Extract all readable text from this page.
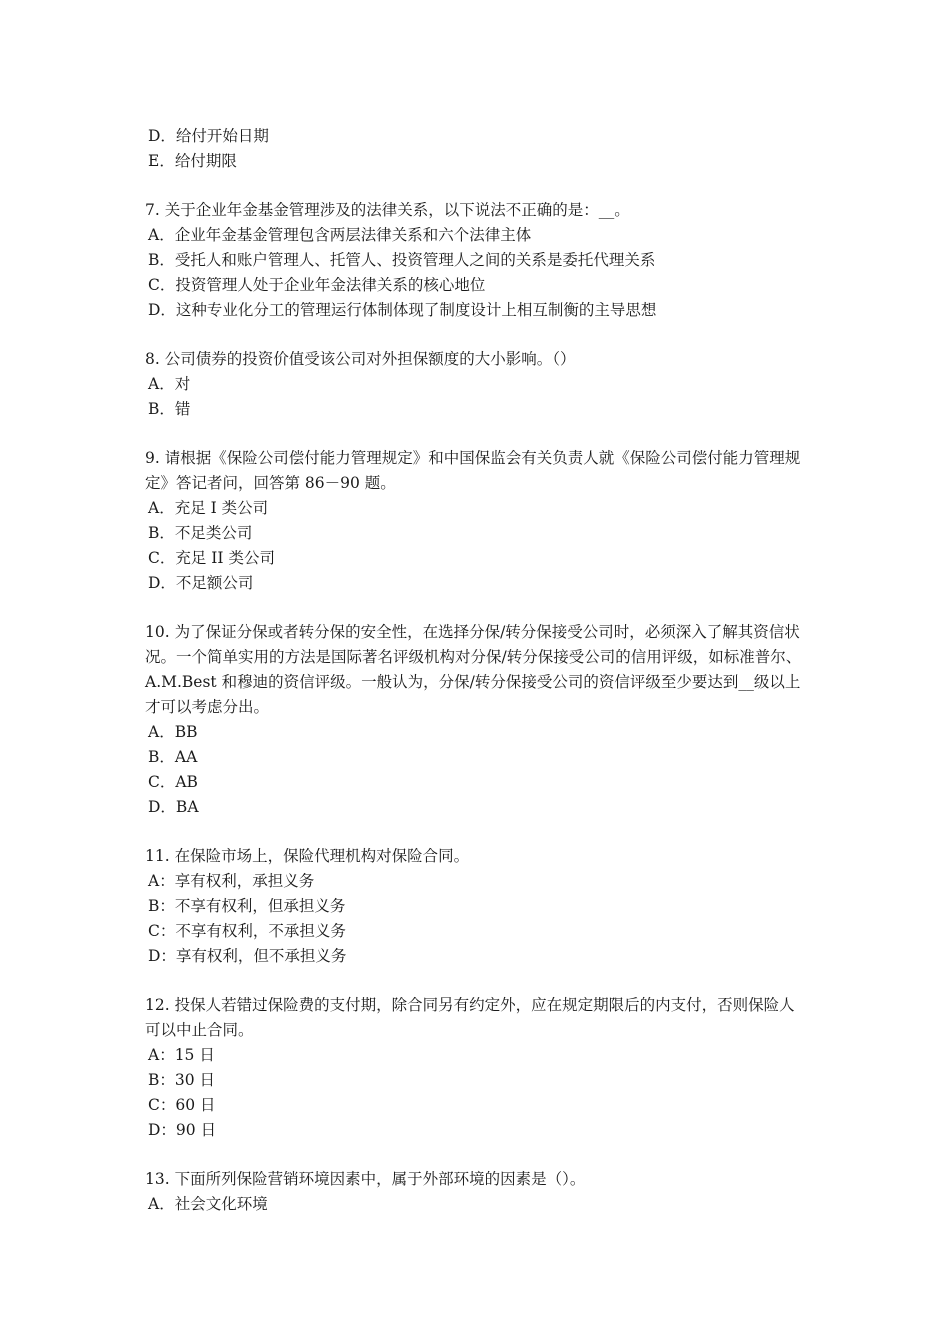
D．给付开始日期
E．给付期限
7. 关于企业年金基金管理涉及的法律关系，以下说法不正确的是：__。
A．企业年金基金管理包含两层法律关系和六个法律主体
B．受托人和账户管理人、托管人、投资管理人之间的关系是委托代理关系
C．投资管理人处于企业年金法律关系的核心地位
D．这种专业化分工的管理运行体制体现了制度设计上相互制衡的主导思想
8. 公司债券的投资价值受该公司对外担保额度的大小影响。（）
A．对
B．错
9. 请根据《保险公司偿付能力管理规定》和中国保监会有关负责人就《保险公司偿付能力管理规定》答记者问，回答第 86－90 题。
A．充足 I 类公司
B．不足类公司
C．充足 II 类公司
D．不足额公司
10. 为了保证分保或者转分保的安全性，在选择分保/转分保接受公司时，必须深入了解其资信状况。一个简单实用的方法是国际著名评级机构对分保/转分保接受公司的信用评级，如标准普尔、A.M.Best 和穆迪的资信评级。一般认为，分保/转分保接受公司的资信评级至少要达到__级以上才可以考虑分出。
A．BB
B．AA
C．AB
D．BA
11. 在保险市场上，保险代理机构对保险合同。
A：享有权利，承担义务
B：不享有权利，但承担义务
C：不享有权利，不承担义务
D：享有权利，但不承担义务
12. 投保人若错过保险费的支付期，除合同另有约定外，应在规定期限后的内支付，否则保险人可以中止合同。
A：15 日
B：30 日
C：60 日
D：90 日
13. 下面所列保险营销环境因素中，属于外部环境的因素是（）。
A．社会文化环境
